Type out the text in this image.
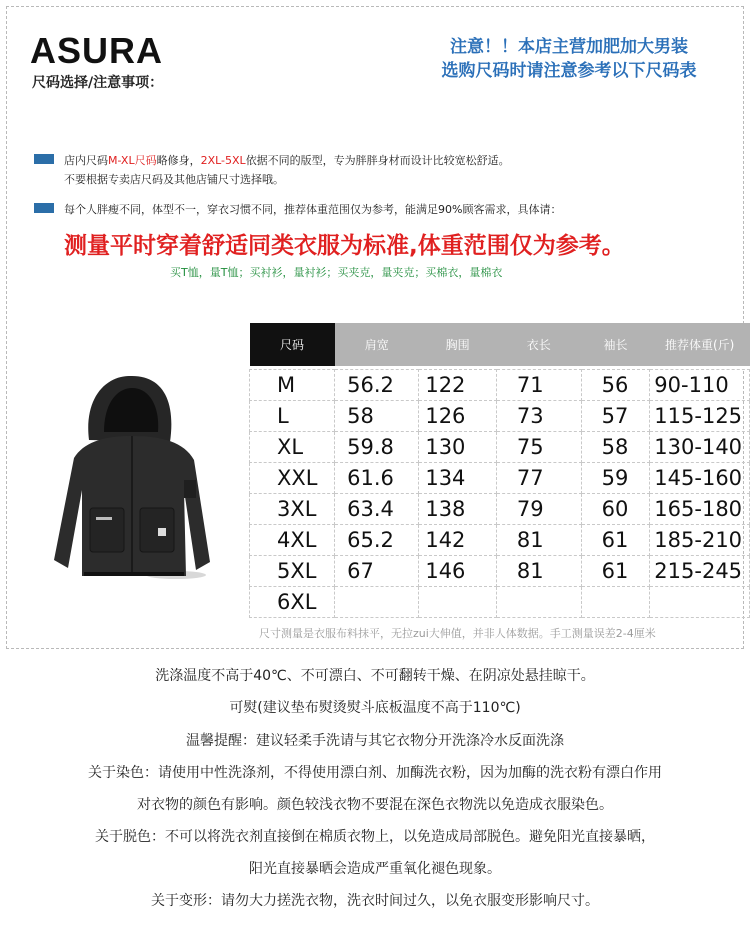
ASURA
尺码选择/注意事项：
注意！！本店主营加肥加大男装
选购尺码时请注意参考以下尺码表
店内尺码M-XL尺码略修身，2XL-5XL依据不同的版型，专为胖胖身材而设计比较宽松舒适。
不要根据专卖店尺码及其他店铺尺寸选择哦。
每个人胖瘦不同，体型不一，穿衣习惯不同，推荐体重范围仅为参考，能满足90%顾客需求，具体请：
测量平时穿着舒适同类衣服为标准,体重范围仅为参考。
买T恤，量T恤；买衬衫，量衬衫；买夹克，量夹克；买棉衣，量棉衣
尺码	肩宽	胸围	衣长	袖长	推荐体重(斤)

M	56.2	122	71	56	90-110
L	58	126	73	57	115-125
XL	59.8	130	75	58	130-140
XXL	61.6	134	77	59	145-160
3XL	63.4	138	79	60	165-180
4XL	65.2	142	81	61	185-210
5XL	67	146	81	61	215-245
6XL					
尺寸测量是衣服布料抹平，无拉zui大伸值，并非人体数据。手工测量误差2-4厘米
洗涤温度不高于40℃、不可漂白、不可翻转干燥、在阴凉处悬挂晾干。
可熨(建议垫布熨烫熨斗底板温度不高于110℃)
温馨提醒：建议轻柔手洗请与其它衣物分开洗涤冷水反面洗涤
关于染色：请使用中性洗涤剂，不得使用漂白剂、加酶洗衣粉，因为加酶的洗衣粉有漂白作用
对衣物的颜色有影响。颜色较浅衣物不要混在深色衣物洗以免造成衣服染色。
关于脱色：不可以将洗衣剂直接倒在棉质衣物上，以免造成局部脱色。避免阳光直接暴晒，
阳光直接暴晒会造成严重氧化褪色现象。
关于变形：请勿大力搓洗衣物，洗衣时间过久，以免衣服变形影响尺寸。
